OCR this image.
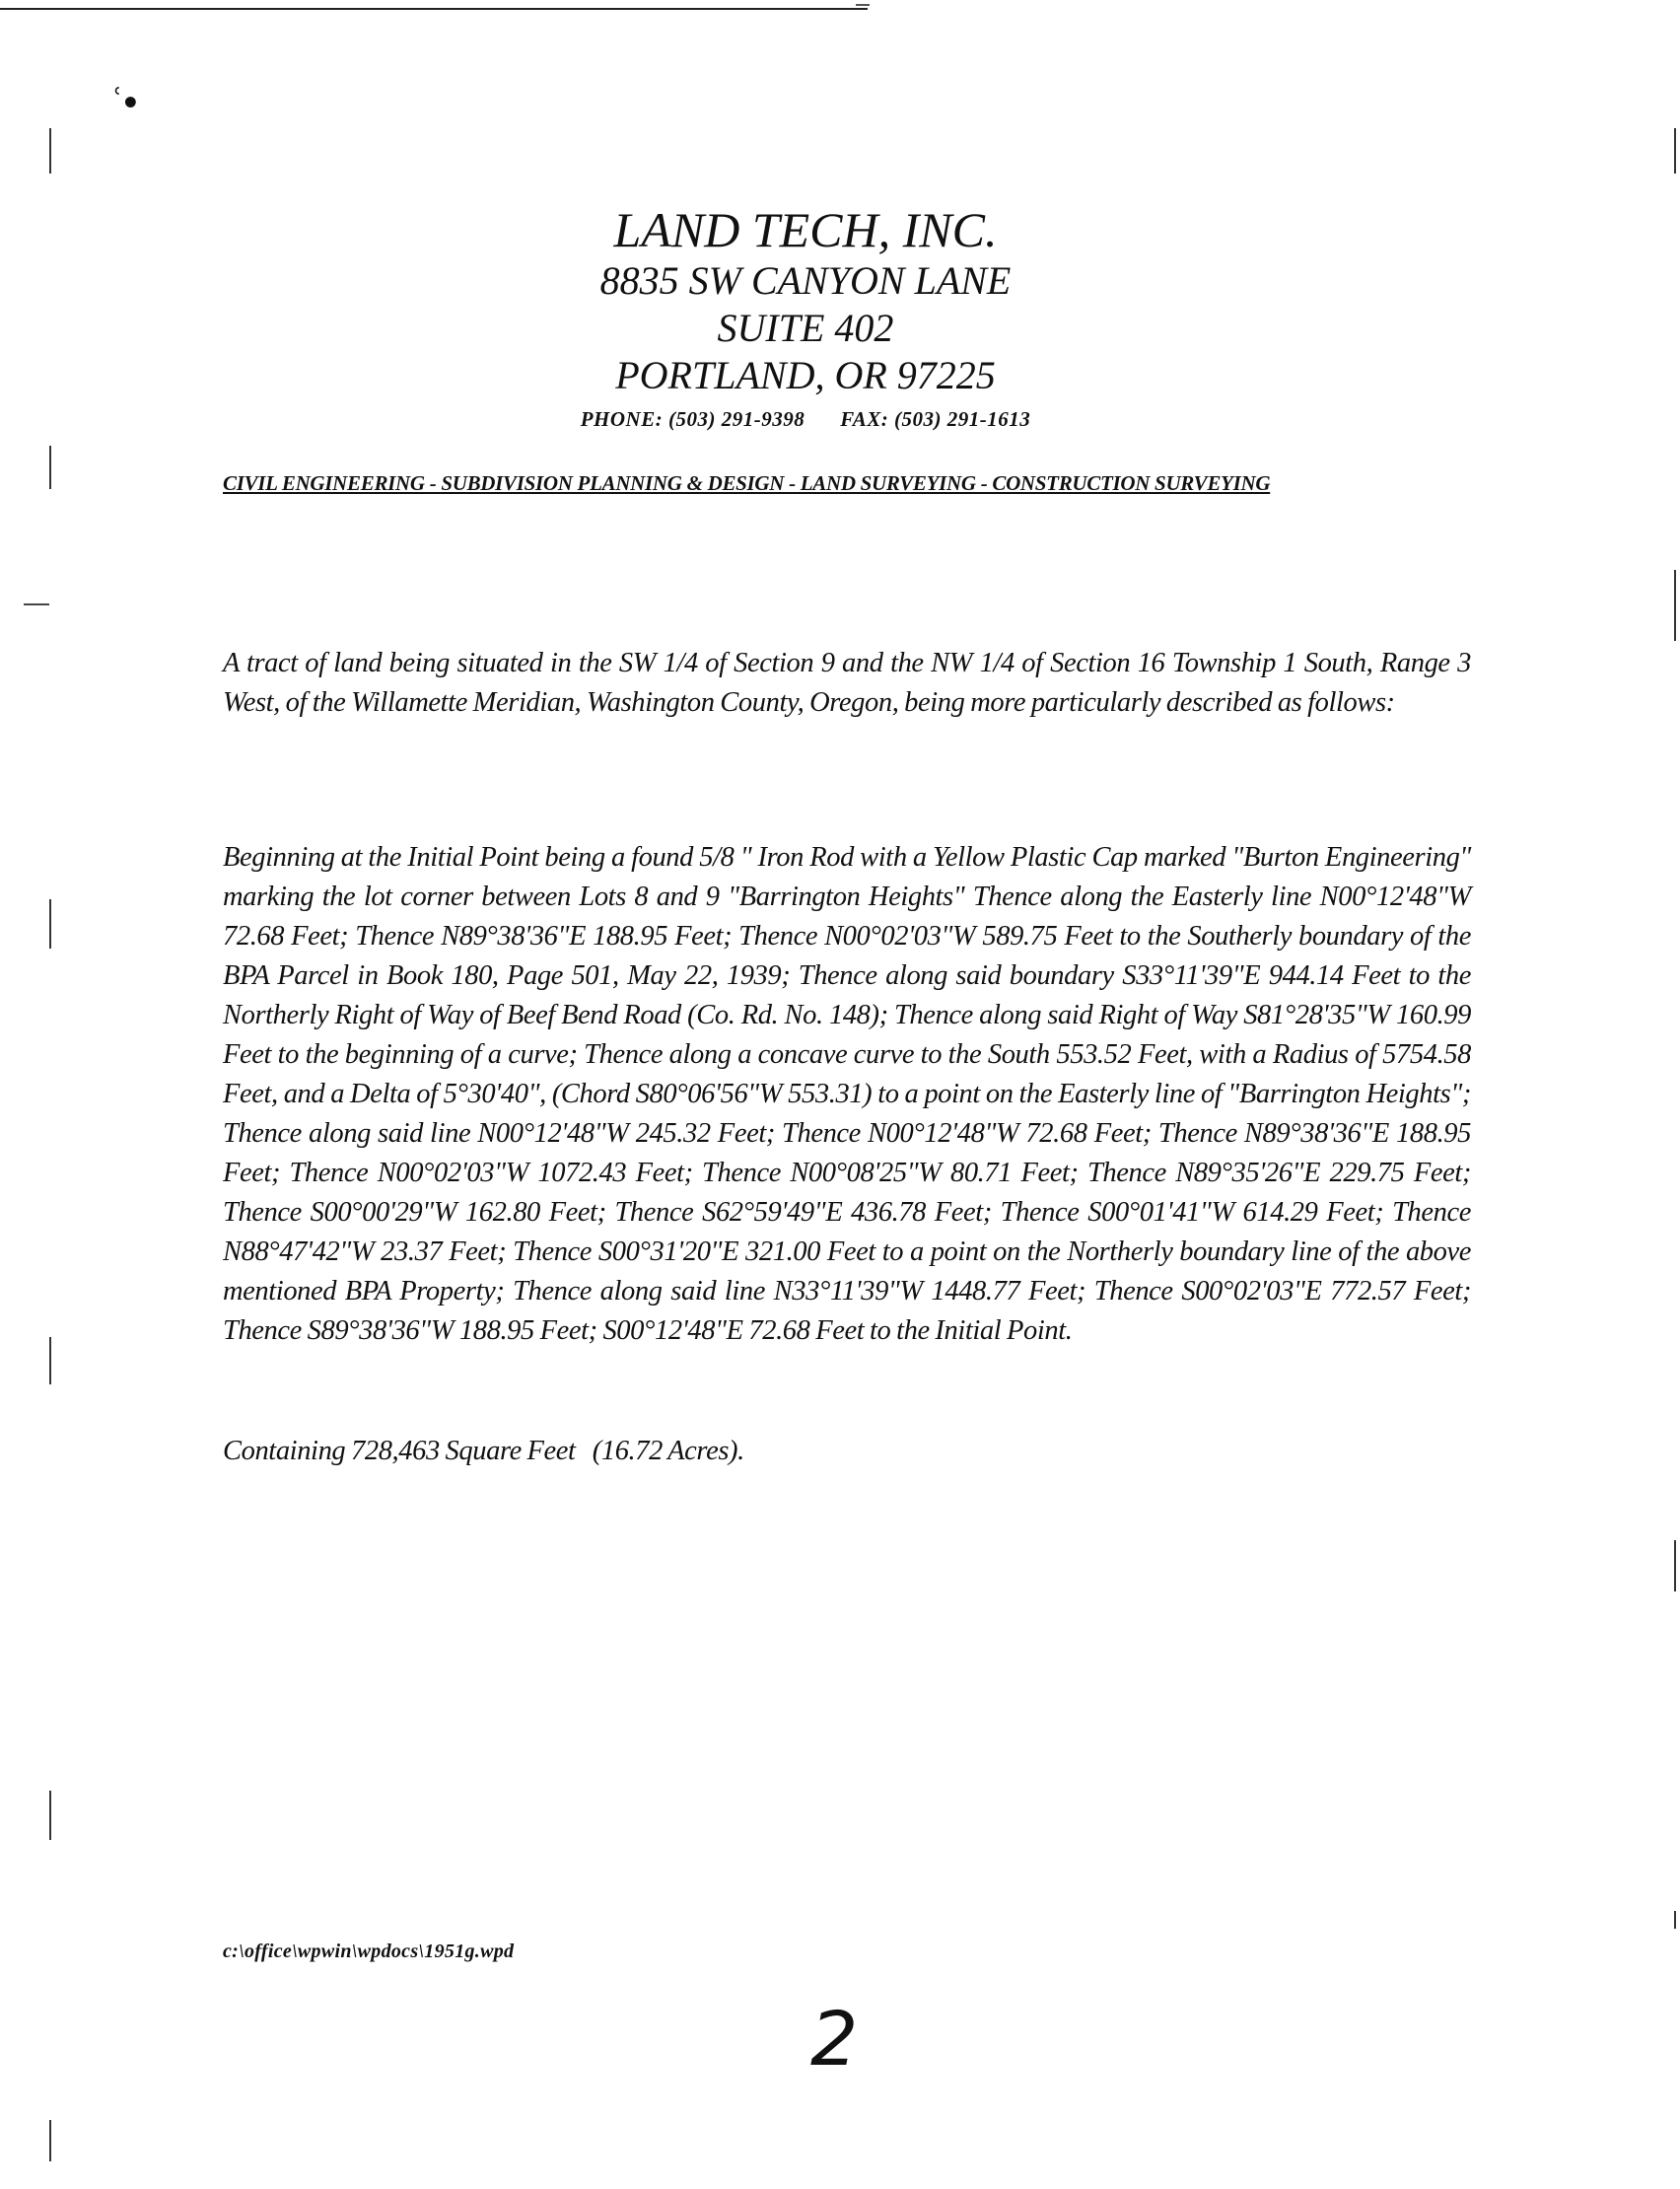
ʿ•
LAND TECH, INC.
8835 SW CANYON LANE
SUITE 402
PORTLAND, OR 97225
PHONE: (503) 291-9398 FAX: (503) 291-1613
CIVIL ENGINEERING - SUBDIVISION PLANNING & DESIGN - LAND SURVEYING - CONSTRUCTION SURVEYING
A tract of land being situated in the SW 1/4 of Section 9 and the NW 1/4 of Section 16 Township 1 South, Range 3 West, of the Willamette Meridian, Washington County, Oregon, being more particularly described as follows:
Beginning at the Initial Point being a found 5/8 " Iron Rod with a Yellow Plastic Cap marked "Burton Engineering" marking the lot corner between Lots 8 and 9 "Barrington Heights" Thence along the Easterly line N00°12'48"W 72.68 Feet; Thence N89°38'36"E 188.95 Feet; Thence N00°02'03"W 589.75 Feet to the Southerly boundary of the BPA Parcel in Book 180, Page 501, May 22, 1939; Thence along said boundary S33°11'39"E 944.14 Feet to the Northerly Right of Way of Beef Bend Road (Co. Rd. No. 148); Thence along said Right of Way S81°28'35"W 160.99 Feet to the beginning of a curve; Thence along a concave curve to the South 553.52 Feet, with a Radius of 5754.58 Feet, and a Delta of 5°30'40", (Chord S80°06'56"W 553.31) to a point on the Easterly line of "Barrington Heights"; Thence along said line N00°12'48"W 245.32 Feet; Thence N00°12'48"W 72.68 Feet; Thence N89°38'36"E 188.95 Feet; Thence N00°02'03"W 1072.43 Feet; Thence N00°08'25"W 80.71 Feet; Thence N89°35'26"E 229.75 Feet; Thence S00°00'29"W 162.80 Feet; Thence S62°59'49"E 436.78 Feet; Thence S00°01'41"W 614.29 Feet; Thence N88°47'42"W 23.37 Feet; Thence S00°31'20"E 321.00 Feet to a point on the Northerly boundary line of the above mentioned BPA Property; Thence along said line N33°11'39"W 1448.77 Feet; Thence S00°02'03"E 772.57 Feet; Thence S89°38'36"W 188.95 Feet; S00°12'48"E 72.68 Feet to the Initial Point.
Containing 728,463 Square Feet   (16.72 Acres).
c:\office\wpwin\wpdocs\1951g.wpd
2
